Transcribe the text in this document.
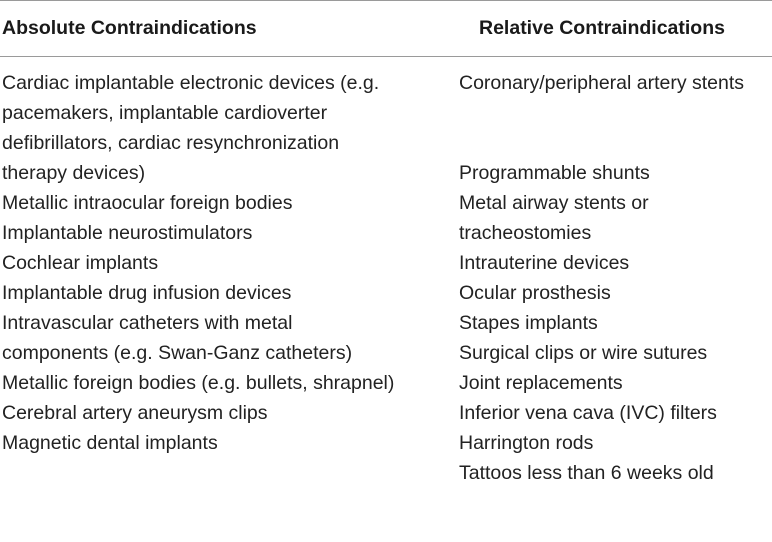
Absolute Contraindications	Relative Contraindications
Cardiac implantable electronic devices (e.g.
pacemakers, implantable cardioverter
defibrillators, cardiac resynchronization
therapy devices)
Metallic intraocular foreign bodies
Implantable neurostimulators

Cochlear implants
Implantable drug infusion devices
Intravascular catheters with metal
components (e.g. Swan-Ganz catheters)
Metallic foreign bodies (e.g. bullets, shrapnel)
Cerebral artery aneurysm clips
Magnetic dental implants
Coronary/peripheral artery stents

Programmable shunts
Metal airway stents or
tracheostomies
Intrauterine devices
Ocular prosthesis
Stapes implants

Surgical clips or wire sutures
Joint replacements
Inferior vena cava (IVC) filters
Harrington rods
Tattoos less than 6 weeks old
